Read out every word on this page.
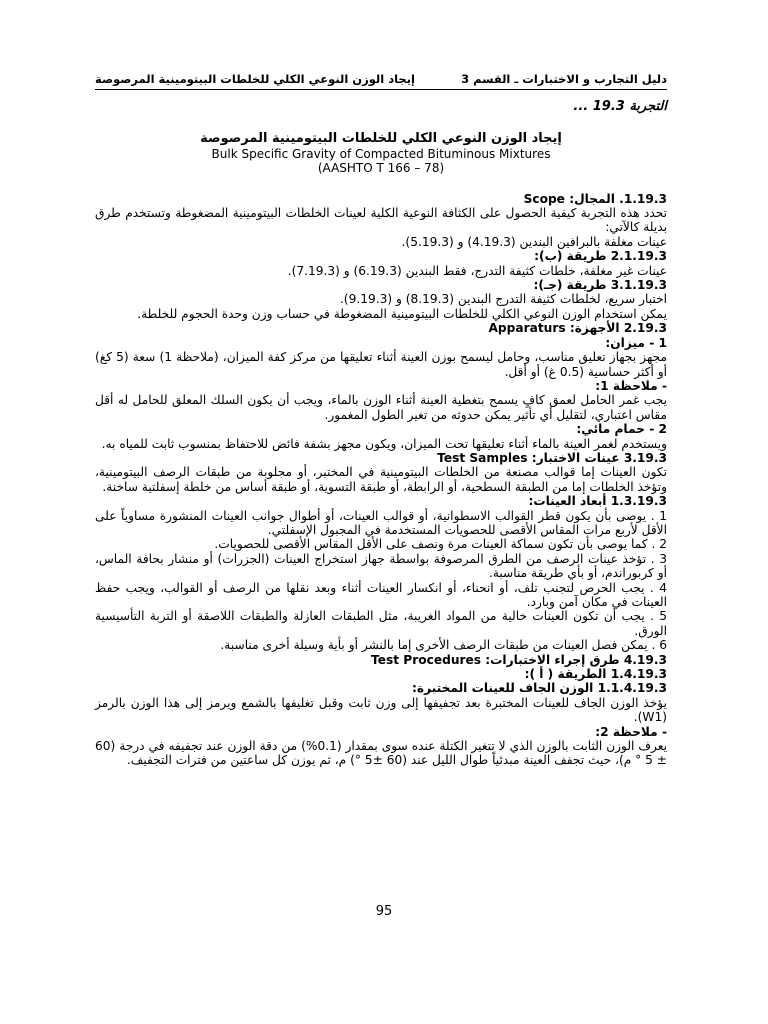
دليل التجارب و الاختبارات ـ القسم 3
إيجاد الوزن النوعي الكلي للخلطات البيتومينية المرصوصة

التجربة 19.3 ...

إيجاد الوزن النوعي الكلي للخلطات البيتومينية المرصوصة

Bulk Specific Gravity of Compacted Bituminous Mixtures

(AASHTO T 166 – 78)

1.19.3. المجال: Scope

تحدد هذه التجربة كيفية الحصول على الكثافة النوعية الكلية لعينات الخلطات البيتومينية المضغوطة وتستخدم طرق بديلة كالآتي:

عينات مغلفة بالبرافين البندين (4.19.3) و (5.19.3).

2.1.19.3 طريقة (ب):

عينات غير مغلفة، خلطات كثيفة التدرج، فقط البندين (6.19.3) و (7.19.3).

3.1.19.3 طريقة (جـ):

اختبار سريع، لخلطات كثيفة التدرج البندين (8.19.3) و (9.19.3).

يمكن استخدام الوزن النوعي الكلي للخلطات البيتومينية المضغوطة في حساب وزن وحدة الحجوم للخلطة.

2.19.3 الأجهزة: Apparaturs

1 - ميزان:

مجهز بجهاز تعليق مناسب، وحامل ليسمح بوزن العينة أثناء تعليقها من مركز كفة الميزان، (ملاحظة 1) سعة (5 كغ) أو أكثر حساسية (0.5 غ) أو أقل.

- ملاحظة 1:

يجب غمر الحامل لعمق كافٍ يسمح بتغطية العينة أثناء الوزن بالماء، ويجب أن يكون السلك المعلق للحامل له أقل مقاس اعتباري، لتقليل أي تأثير يمكن حدوثه من تغير الطول المغمور.

2 - حمام مائي:

ويستخدم لغمر العينة بالماء أثناء تعليقها تحت الميزان، ويكون مجهز بشفة فائض للاحتفاظ بمنسوب ثابت للمياه به.

3.19.3 عينات الاختبار: Test Samples

تكون العينات إما قوالب مصنعة من الخلطات البيتومينية في المختبر، أو مجلوبة من طبقات الرصف البيتومينية، وتؤخذ الخلطات إما من الطبقة السطحية، أو الرابطة، أو طبقة التسوية، أو طبقة أساس من خلطة إسفلتية ساخنة.

1.3.19.3 أبعاد العينات:

1 . يوصى بأن يكون قطر القوالب الاسطوانية، أو قوالب العينات، أو أطوال جوانب العينات المنشورة مساوياً على الأقل لأربع مرات المقاس الأقصى للحصويات المستخدمة في المجبول الإسفلتي.

2 . كما يوصى بأن تكون سماكة العينات مرة ونصف على الأقل المقاس الأقصى للحصويات.

3 . تؤخذ عينات الرصف من الطرق المرصوفة بواسطة جهاز استخراج العينات (الجزرات) أو منشار بحافة الماس، أو كربوراندم، أو بأي طريقة مناسبة.

4 . يجب الحرص لتجنب تلف، أو انحناء، أو انكسار العينات أثناء وبعد نقلها من الرصف أو القوالب، ويجب حفظ العينات في مكان آمن وبارد.

5 . يجب أن تكون العينات خالية من المواد الغريبة، مثل الطبقات العازلة والطبقات اللاصقة أو التربة التأسيسية الورق.

6 . يمكن فصل العينات من طبقات الرصف الأخرى إما بالنشر أو بأية وسيلة أخرى مناسبة.

4.19.3 طرق إجراء الاختبارات: Test Procedures

1.4.19.3 الطريقة ( أ ):

1.1.4.19.3 الوزن الجاف للعينات المختبرة:

يؤخذ الوزن الجاف للعينات المختبرة بعد تجفيفها إلى وزن ثابت وقبل تغليفها بالشمع ويرمز إلى هذا الوزن بالرمز (W1).

- ملاحظة 2:

يعرف الوزن الثابت بالوزن الذي لا تتغير الكتلة عنده سوى بمقدار (0.1%) من دقة الوزن عند تجفيفه في درجة (60 ± 5 ° م)، حيث تجفف العينة مبدئياً طوال الليل عند (60 ±5 °) م، ثم يوزن كل ساعتين من فترات التجفيف.

95
